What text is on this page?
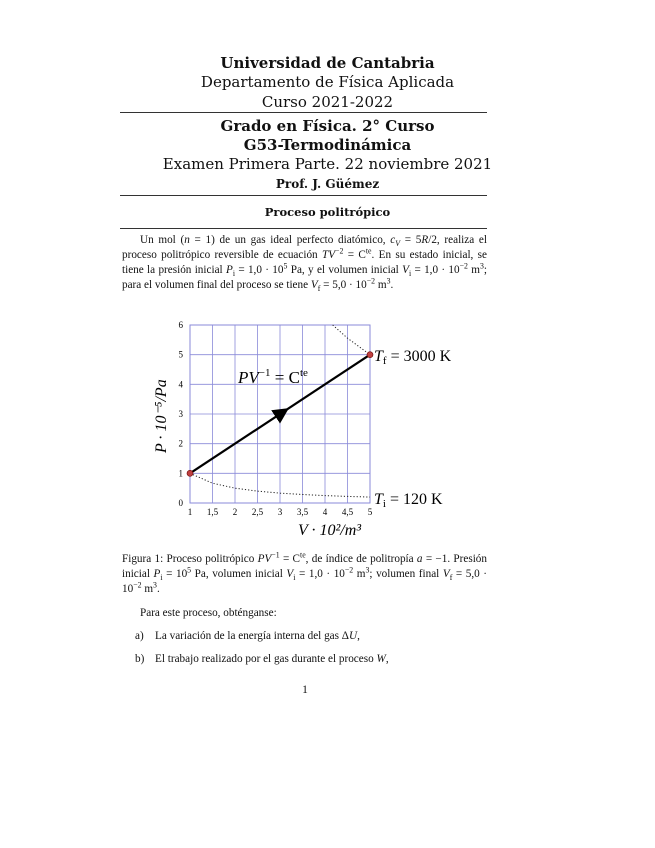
Universidad de Cantabria
Departamento de Física Aplicada
Curso 2021-2022
Grado en Física. 2° Curso
G53-Termodinámica
Examen Primera Parte. 22 noviembre 2021
Prof. J. Güémez
Proceso politrópico
Un mol (n = 1) de un gas ideal perfecto diatómico, $c_V = 5R/2$, realiza el proceso politrópico reversible de ecuación $TV^{-2} = C^{te}$. En su estado inicial, se tiene la presión inicial $P_i = 1,0 \cdot 10^5$ Pa, y el volumen inicial $V_i = 1,0 \cdot 10^{-2}$ $m^3$; para el volumen final del proceso se tiene $V_f = 5,0 \cdot 10^{-2}$ $m^3$.
1 1,5 2 2,5 3 3,5 4 4,5 5
0
1
2
3
4
5
6
P · 10⁻⁵/Pa
V · 10²/m³
$PV^{-1} = C^{te}$
Tf = 3000 K
Ti = 120 K
Figura 1: Proceso politrópico $PV^{-1} = C^{te}$, de índice de politropía a = −1. Presión inicial $P_i = 10^5$ Pa, volumen inicial $V_i = 1,0 \cdot 10^{-2}$ $m^3$; volumen final $V_f = 5,0 \cdot 10^{-2}$ $m^3$.
Para este proceso, obténganse:
a) La variación de la energía interna del gas ΔU,
b) El trabajo realizado por el gas durante el proceso W,
1
